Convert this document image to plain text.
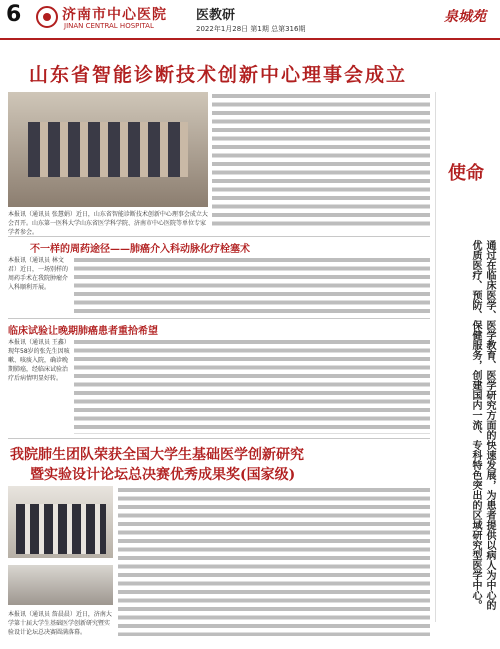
6	济南市中心医院
JINAN CENTRAL HOSPITAL
医教研
2022年1月28日 第1期 总第316期
泉城苑
山东省智能诊断技术创新中心理事会成立
本报讯（通讯员 张慧娟）近日，山东省智能诊断技术创新中心理事会成立大会召开。山东第一医科大学山东省医学科学院、济南市中心医院等单位专家学者参会。
不一样的周药途径——肺癌介入科动脉化疗栓塞术
本报讯（通讯员 林文君）近日，一场别样的周药手术在我院肿瘤介入科顺利开展。
临床试验让晚期肺癌患者重拾希望
本报讯（通讯员 王鑫）现年58岁的张先生因咳嗽、咳痰入院，确诊晚期肺癌，经临床试验治疗后病情明显好转。
我院肺生团队荣获全国大学生基础医学创新研究
暨实验设计论坛总决赛优秀成果奖(国家级)
本报讯（通讯员 詹晨晨）近日，济南大学第十届大学生基础医学创新研究暨实验设计论坛总决赛圆满落幕。
使命
通过在临床医学、医学教育、医学研究方面的快速发展，为患者提供以病人为中心的优质医疗、预防、保健服务，创建国内一流、专科特色突出的区域研究型医学中心。
